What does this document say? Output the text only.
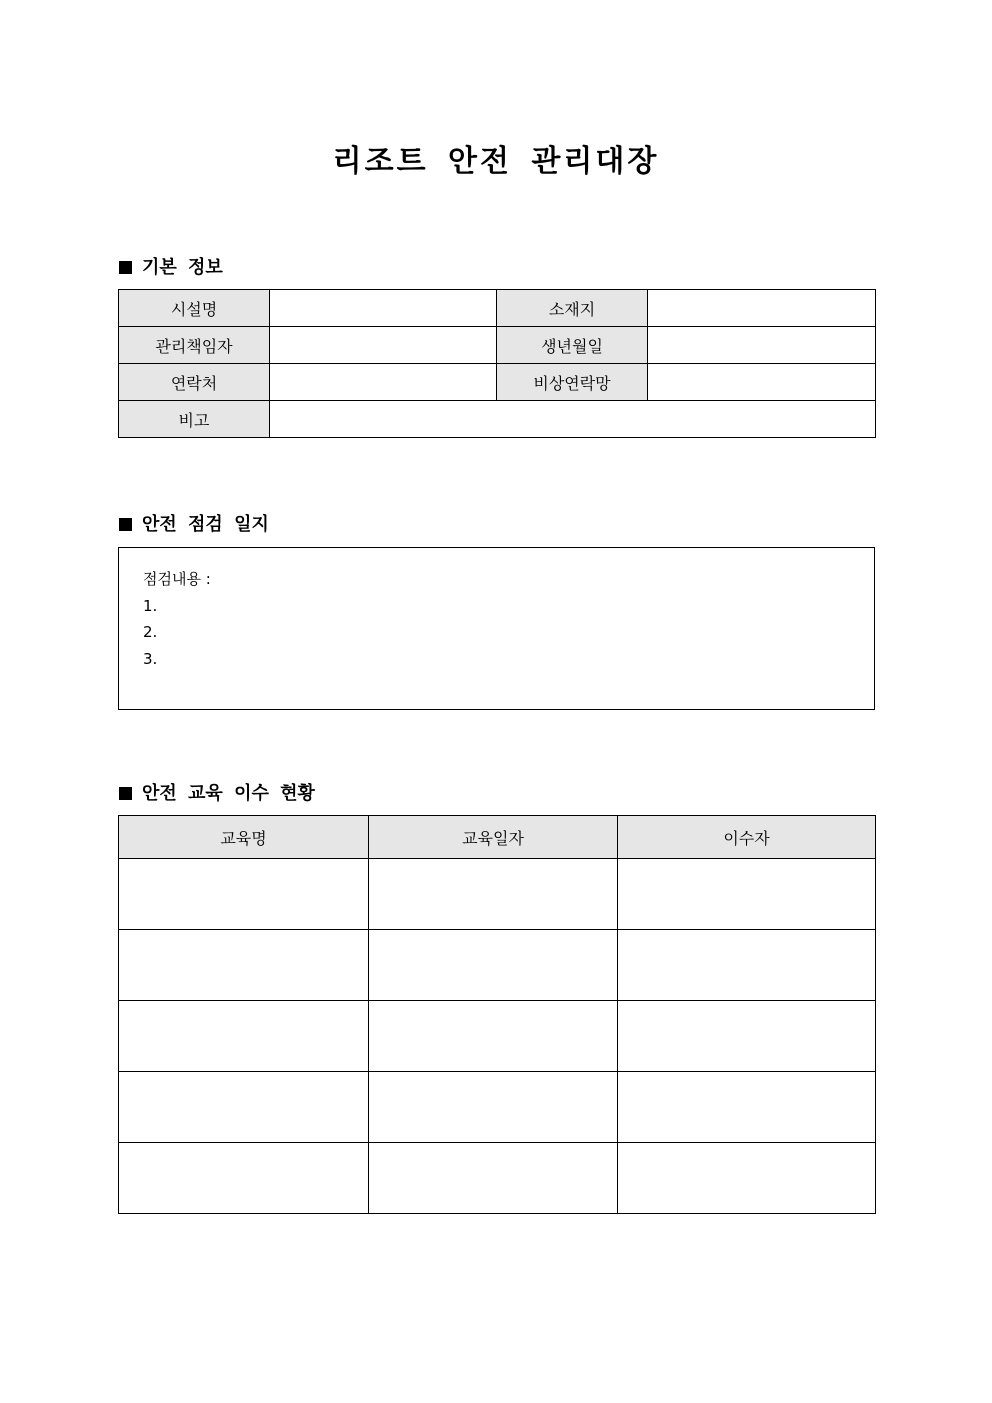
리조트 안전 관리대장
기본 정보
시설명		소재지	
관리책임자		생년월일	
연락처		비상연락망	
비고			
안전 점검 일지
점검내용 :
1.
2.
3.
안전 교육 이수 현황
교육명	교육일자	이수자
